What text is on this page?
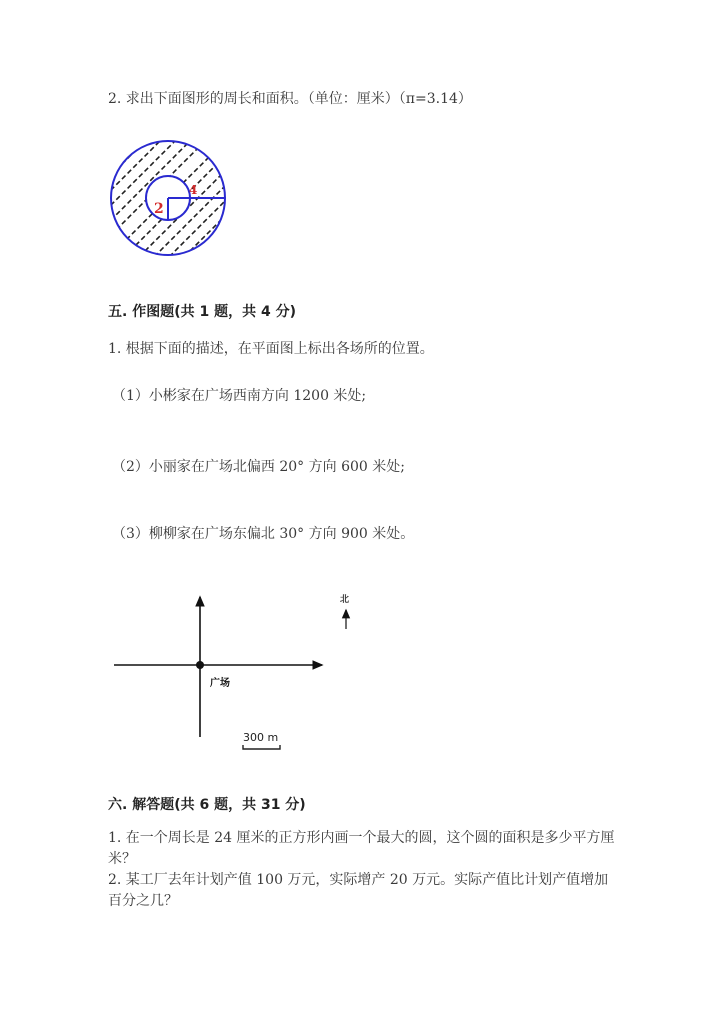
2. 求出下面图形的周长和面积。（单位：厘米）（π=3.14）
2
4
五. 作图题(共 1 题，共 4 分)
1. 根据下面的描述，在平面图上标出各场所的位置。
（1）小彬家在广场西南方向 1200 米处;
（2）小丽家在广场北偏西 20° 方向 600 米处;
（3）柳柳家在广场东偏北 30° 方向 900 米处。
广场
北
300 m
六. 解答题(共 6 题，共 31 分)
1. 在一个周长是 24 厘米的正方形内画一个最大的圆，这个圆的面积是多少平方厘米？
2. 某工厂去年计划产值 100 万元，实际增产 20 万元。实际产值比计划产值增加百分之几？
